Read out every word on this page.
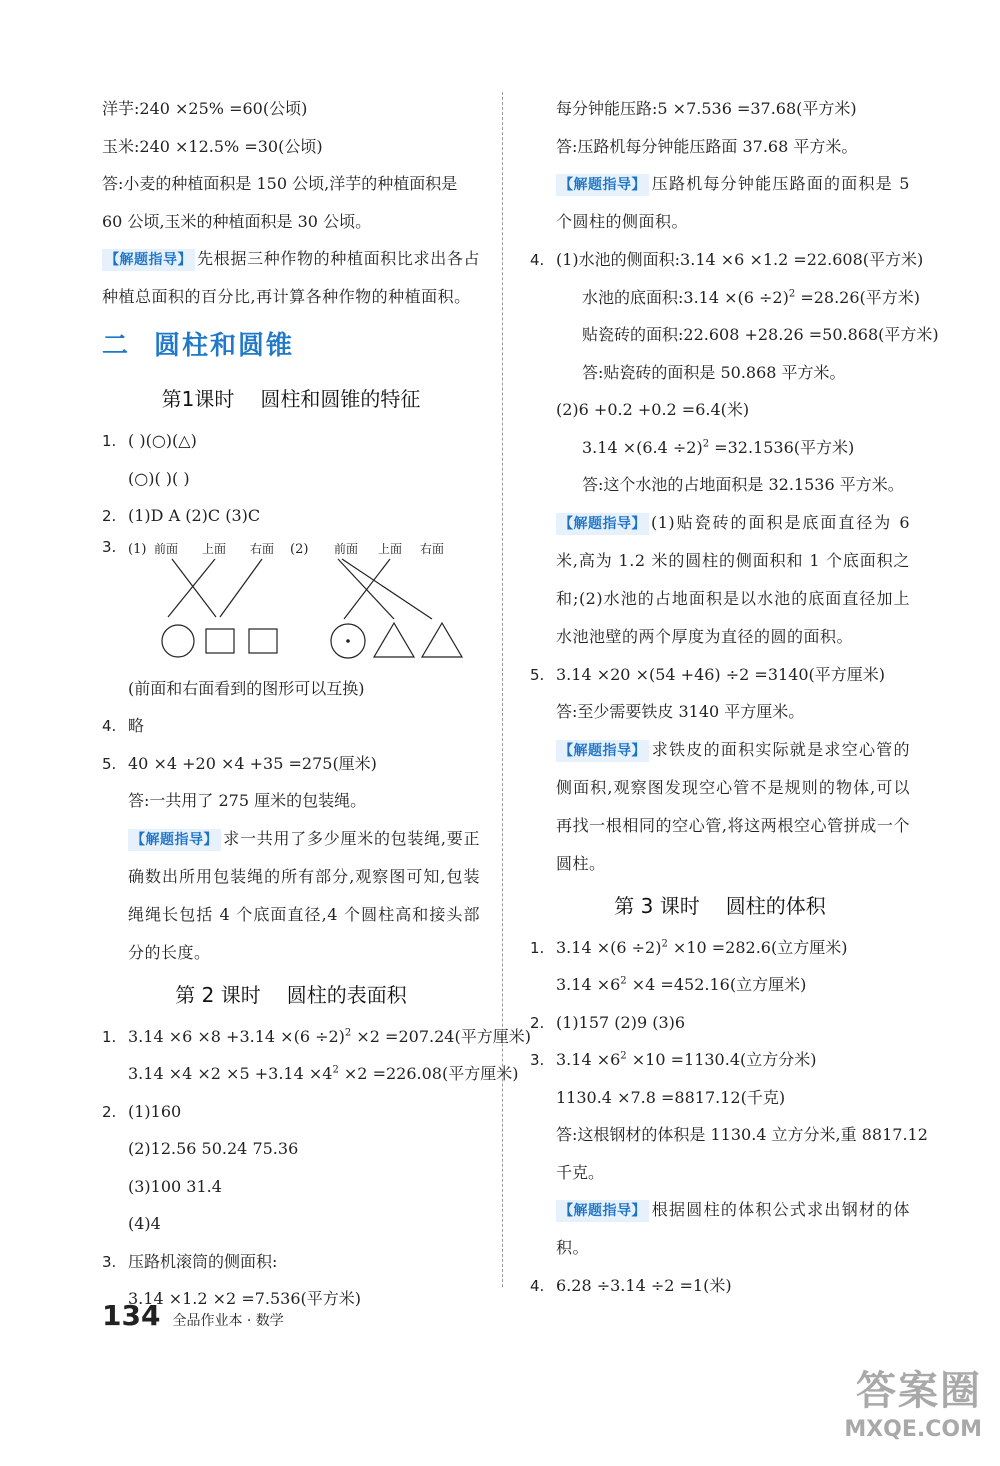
洋芋:240 ×25% =60(公顷)
玉米:240 ×12.5% =30(公顷)
答:小麦的种植面积是 150 公顷,洋芋的种植面积是
60 公顷,玉米的种植面积是 30 公顷。
【解题指导】 先根据三种作物的种植面积比求出各占种植总面积的百分比,再计算各种作物的种植面积。
二 圆柱和圆锥
第1课时 圆柱和圆锥的特征
1. ( )(○)(△)
(○)( )( )
2. (1)D A (2)C (3)C
3. (1) 前面 上面 右面 (2) 前面 上面 右面
(前面和右面看到的图形可以互换)
4. 略
5. 40 ×4 +20 ×4 +35 =275(厘米)
答:一共用了 275 厘米的包装绳。
【解题指导】 求一共用了多少厘米的包装绳,要正确数出所用包装绳的所有部分,观察图可知,包装绳绳长包括 4 个底面直径,4 个圆柱高和接头部分的长度。
第 2 课时 圆柱的表面积
1. $3.14 \times 6 \times 8 +3.14 \times(6 \div 2)^2 \times 2 =207.24$(平方厘米)
$3.14 \times 4 \times 2 \times 5 +3.14 \times 4^2 \times 2 =226.08$(平方厘米)
2. (1)160
(2)12.56 50.24 75.36
(3)100 31.4
(4)4
3. 压路机滚筒的侧面积:
3.14 ×1.2 ×2 =7.536(平方米)
每分钟能压路:5 ×7.536 =37.68(平方米)
答:压路机每分钟能压路面 37.68 平方米。
【解题指导】 压路机每分钟能压路面的面积是 5 个圆柱的侧面积。
4. (1)水池的侧面积:3.14 ×6 ×1.2 =22.608(平方米)
水池的底面积:3.14 $\times(6 \div 2)^2 =28.26$(平方米)
贴瓷砖的面积:22.608 +28.26 =50.868(平方米)
答:贴瓷砖的面积是 50.868 平方米。
(2)6 +0.2 +0.2 =6.4(米)
$3.14 \times(6.4 \div 2)^2 =32.1536$(平方米)
答:这个水池的占地面积是 32.1536 平方米。
【解题指导】 (1)贴瓷砖的面积是底面直径为 6 米,高为 1.2 米的圆柱的侧面积和 1 个底面积之和;(2)水池的占地面积是以水池的底面直径加上水池池壁的两个厚度为直径的圆的面积。
5. 3.14 ×20 ×(54 +46) ÷2 =3140(平方厘米)
答:至少需要铁皮 3140 平方厘米。
【解题指导】 求铁皮的面积实际就是求空心管的侧面积,观察图发现空心管不是规则的物体,可以再找一根相同的空心管,将这两根空心管拼成一个圆柱。
第 3 课时 圆柱的体积
1. $3.14 \times(6 \div 2)^2 \times 10 =282.6$(立方厘米)
$3.14 \times 6^2 \times 4 =452.16$(立方厘米)
2. (1)157 (2)9 (3)6
3. $3.14 \times 6^2 \times 10 =1130.4$(立方分米)
1130.4 ×7.8 =8817.12(千克)
答:这根钢材的体积是 1130.4 立方分米,重 8817.12
千克。
【解题指导】 根据圆柱的体积公式求出钢材的体积。
4. 6.28 ÷3.14 ÷2 =1(米)
134 全品作业本 · 数学
答案圈
MXQE.COM
